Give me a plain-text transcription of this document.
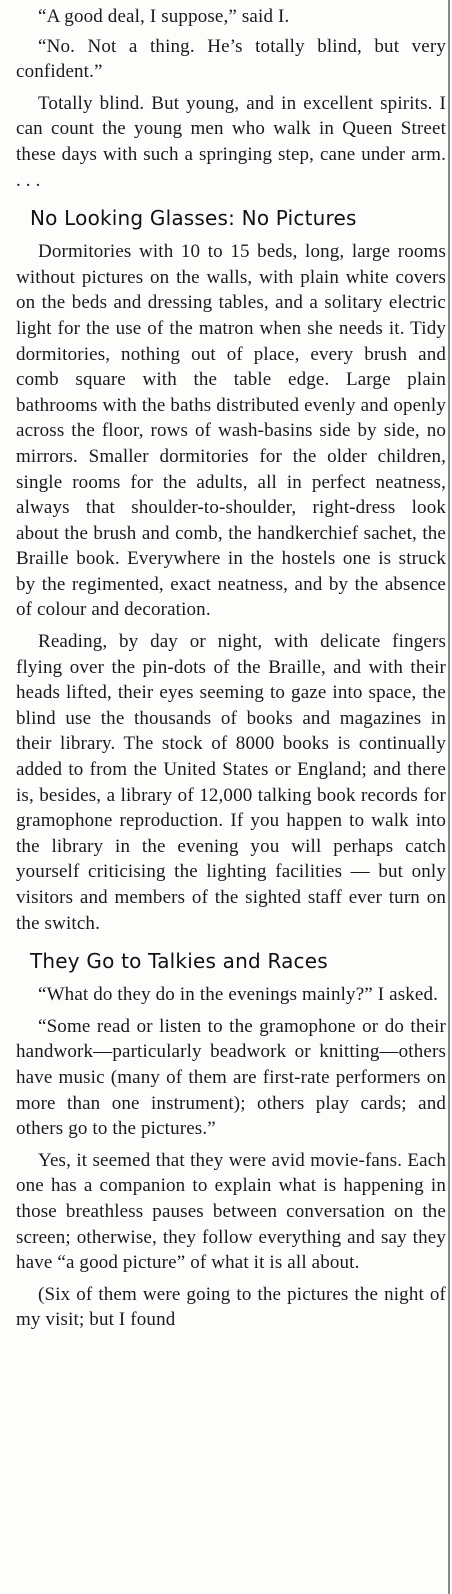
“A good deal, I suppose,” said I.

“No. Not a thing. He’s totally blind, but very confident.”

Totally blind. But young, and in excellent spirits. I can count the young men who walk in Queen Street these days with such a springing step, cane under arm. . . .

No Looking Glasses: No Pictures

Dormitories with 10 to 15 beds, long, large rooms without pictures on the walls, with plain white covers on the beds and dressing tables, and a solitary electric light for the use of the matron when she needs it. Tidy dormitories, nothing out of place, every brush and comb square with the table edge. Large plain bathrooms with the baths distributed evenly and openly across the floor, rows of wash-basins side by side, no mirrors. Smaller dormitories for the older children, single rooms for the adults, all in perfect neatness, always that shoulder-to-shoulder, right-dress look about the brush and comb, the handkerchief sachet, the Braille book. Everywhere in the hostels one is struck by the regimented, exact neatness, and by the absence of colour and decoration.

Reading, by day or night, with delicate fingers flying over the pin-dots of the Braille, and with their heads lifted, their eyes seeming to gaze into space, the blind use the thousands of books and magazines in their library. The stock of 8000 books is continually added to from the United States or England; and there is, besides, a library of 12,000 talking book records for gramophone reproduction. If you happen to walk into the library in the evening you will perhaps catch yourself criticising the lighting facilities — but only visitors and members of the sighted staff ever turn on the switch.

They Go to Talkies and Races

“What do they do in the evenings mainly?” I asked.

“Some read or listen to the gramophone or do their handwork—particularly beadwork or knitting—others have music (many of them are first-rate performers on more than one instrument); others play cards; and others go to the pictures.”

Yes, it seemed that they were avid movie-fans. Each one has a companion to explain what is happening in those breathless pauses between conversation on the screen; otherwise, they follow everything and say they have “a good picture” of what it is all about.

(Six of them were going to the pictures the night of my visit; but I found
